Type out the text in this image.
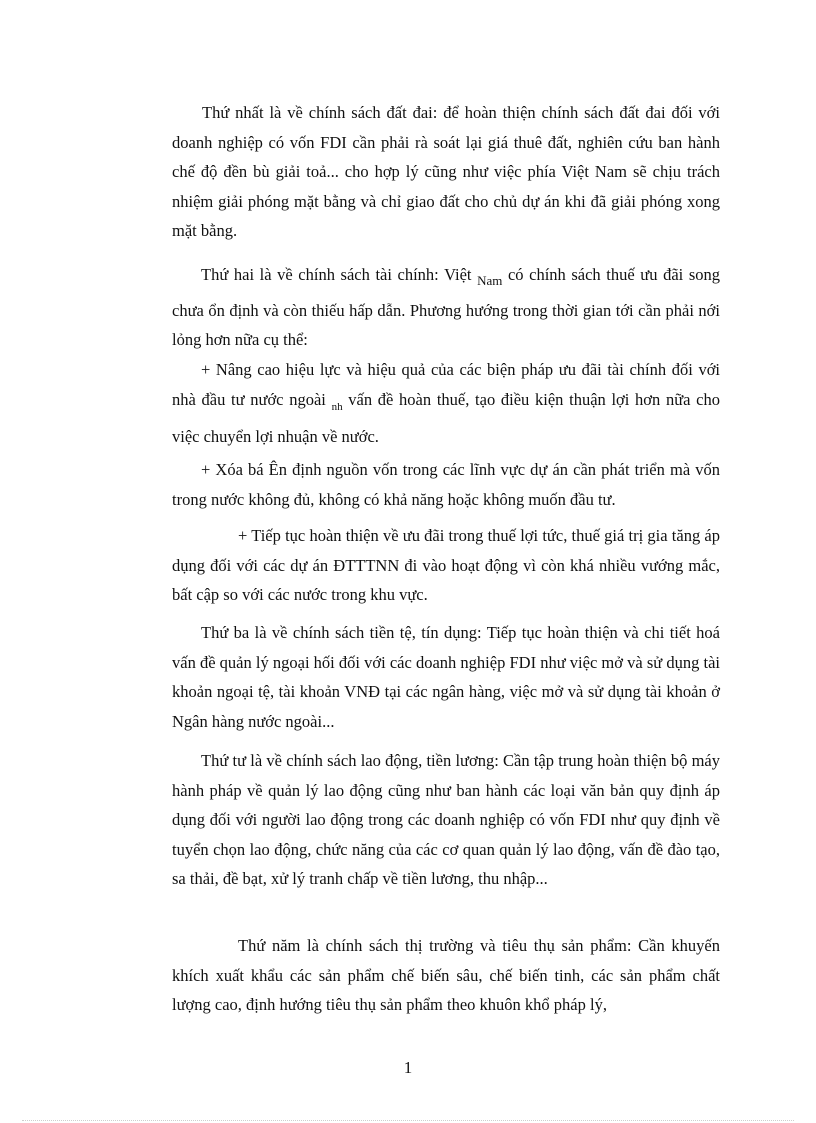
Thứ nhất là về chính sách đất đai: để hoàn thiện chính sách đất đai đối với doanh nghiệp có vốn FDI cần phải rà soát lại giá thuê đất, nghiên cứu ban hành chế độ đền bù giải toả... cho hợp lý cũng như việc phía Việt Nam sẽ chịu trách nhiệm giải phóng mặt bằng và chỉ giao đất cho chủ dự án khi đã giải phóng xong mặt bằng.
Thứ hai là về chính sách tài chính: Việt $_{Nam}$ có chính sách thuế ưu đãi song chưa ổn định và còn thiếu hấp dẫn. Phương hướng trong thời gian tới cần phải nới lỏng hơn nữa cụ thể:
+ Nâng cao hiệu lực và hiệu quả của các biện pháp ưu đãi tài chính đối với nhà đầu tư nước ngoài $_{nh}$ vấn đề hoàn thuế, tạo điều kiện thuận lợi hơn nữa cho việc chuyển lợi nhuận về nước.
+ Xóa bá Ên định nguồn vốn trong các lĩnh vực dự án cần phát triển mà vốn trong nước không đủ, không có khả năng hoặc không muốn đầu tư.
+ Tiếp tục hoàn thiện về ưu đãi trong thuế lợi tức, thuế giá trị gia tăng áp dụng đối với các dự án ĐTTTNN đi vào hoạt động vì còn khá nhiều vướng mắc, bất cập so với các nước trong khu vực.
Thứ ba là về chính sách tiền tệ, tín dụng: Tiếp tục hoàn thiện và chi tiết hoá vấn đề quản lý ngoại hối đối với các doanh nghiệp FDI như việc mở và sử dụng tài khoản ngoại tệ, tài khoản VNĐ tại các ngân hàng, việc mở và sử dụng tài khoản ở Ngân hàng nước ngoài...
Thứ tư là về chính sách lao động, tiền lương: Cần tập trung hoàn thiện bộ máy hành pháp về quản lý lao động cũng như ban hành các loại văn bản quy định áp dụng đối với người lao động trong các doanh nghiệp có vốn FDI như quy định về tuyển chọn lao động, chức năng của các cơ quan quản lý lao động, vấn đề đào tạo, sa thải, đề bạt, xử lý tranh chấp về tiền lương, thu nhập...
Thứ năm là chính sách thị trường và tiêu thụ sản phẩm: Cần khuyến khích xuất khẩu các sản phẩm chế biến sâu, chế biến tinh, các sản phẩm chất lượng cao, định hướng tiêu thụ sản phẩm theo khuôn khổ pháp lý,
1
